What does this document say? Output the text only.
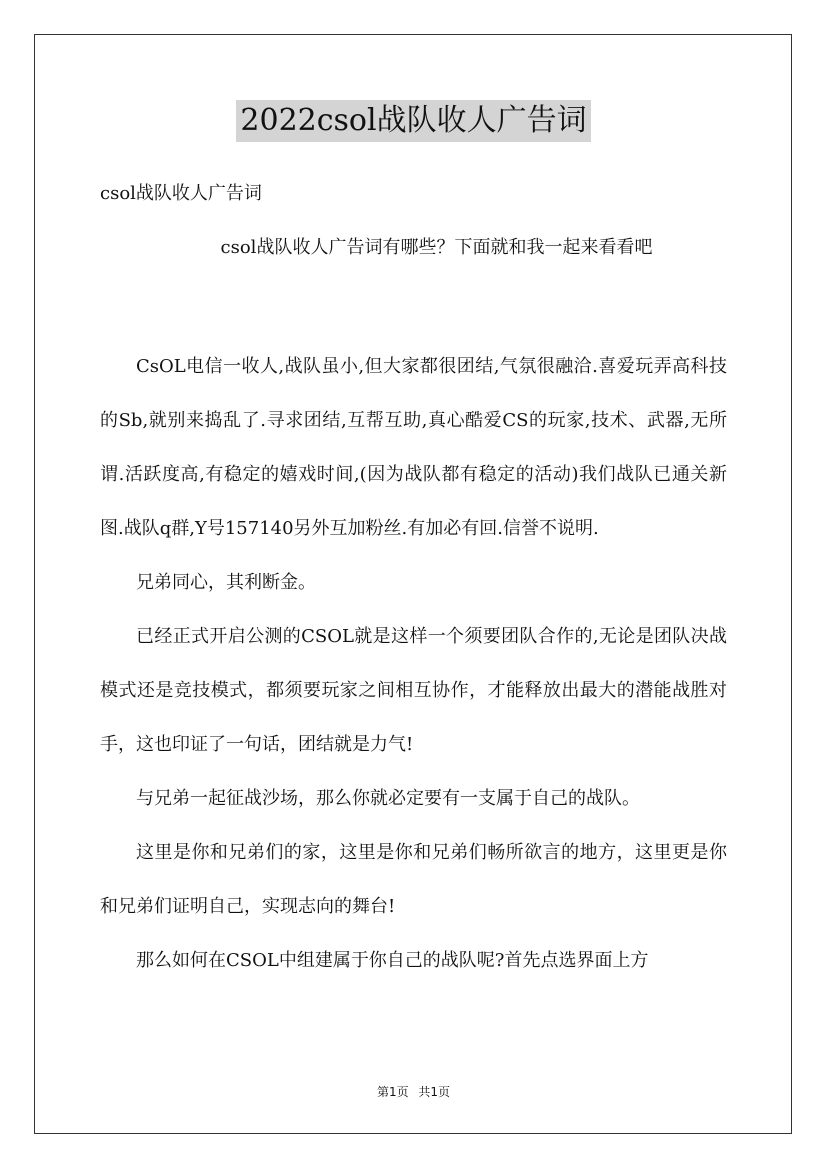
2022csol战队收人广告词
csol战队收人广告词
csol战队收人广告词有哪些？下面就和我一起来看看吧

CsOL电信一收人,战队虽小,但大家都很团结,气氛很融洽.喜爱玩弄高科技的Sb,就别来捣乱了.寻求团结,互帮互助,真心酷爱CS的玩家,技术、武器,无所谓.活跃度高,有稳定的嬉戏时间,(因为战队都有稳定的活动)我们战队已通关新图.战队q群,Y号157140另外互加粉丝.有加必有回.信誉不说明.

兄弟同心，其利断金。

已经正式开启公测的CSOL就是这样一个须要团队合作的,无论是团队决战模式还是竞技模式，都须要玩家之间相互协作，才能释放出最大的潜能战胜对手，这也印证了一句话，团结就是力气!

与兄弟一起征战沙场，那么你就必定要有一支属于自己的战队。

这里是你和兄弟们的家，这里是你和兄弟们畅所欲言的地方，这里更是你和兄弟们证明自己，实现志向的舞台!

那么如何在CSOL中组建属于你自己的战队呢?首先点选界面上方

第1页 共1页
